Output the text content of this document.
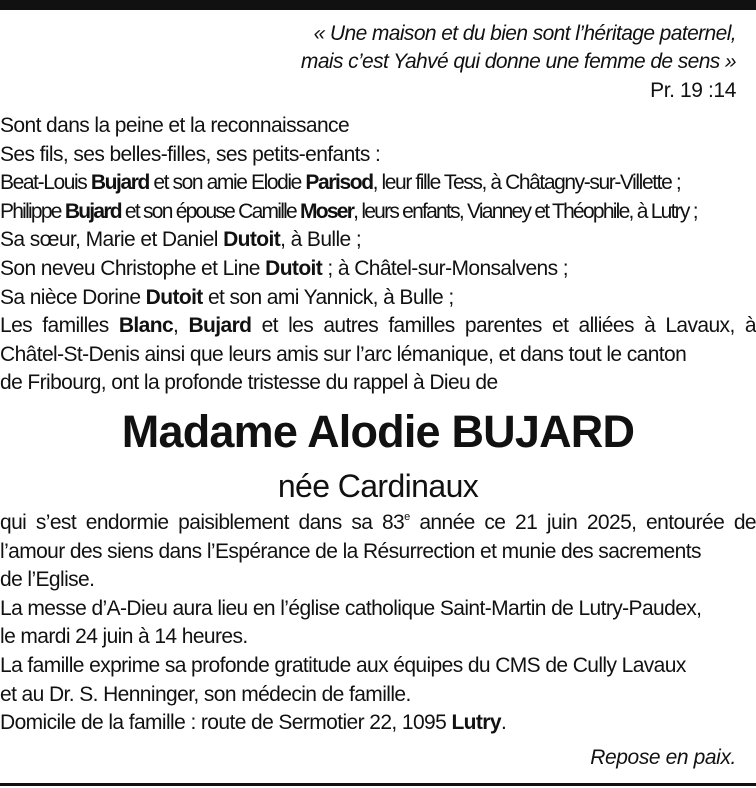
« Une maison et du bien sont l’héritage paternel,
mais c’est Yahvé qui donne une femme de sens »
Pr. 19 :14
Sont dans la peine et la reconnaissance
Ses fils, ses belles-filles, ses petits-enfants :
Beat-Louis Bujard et son amie Elodie Parisod, leur fille Tess, à Châtagny-sur-Villette ;
Philippe Bujard et son épouse Camille Moser, leurs enfants, Vianney et Théophile, à Lutry ;
Sa sœur, Marie et Daniel Dutoit, à Bulle ;
Son neveu Christophe et Line Dutoit ; à Châtel-sur-Monsalvens ;
Sa nièce Dorine Dutoit et son ami Yannick, à Bulle ;
Les familles Blanc, Bujard et les autres familles parentes et alliées à Lavaux, à
Châtel-St-Denis ainsi que leurs amis sur l’arc lémanique, et dans tout le canton
de Fribourg, ont la profonde tristesse du rappel à Dieu de
Madame Alodie BUJARD
née Cardinaux
qui s’est endormie paisiblement dans sa 83e année ce 21 juin 2025, entourée de
l’amour des siens dans l’Espérance de la Résurrection et munie des sacrements
de l’Eglise.
La messe d’A-Dieu aura lieu en l’église catholique Saint-Martin de Lutry-Paudex,
le mardi 24 juin à 14 heures.
La famille exprime sa profonde gratitude aux équipes du CMS de Cully Lavaux
et au Dr. S. Henninger, son médecin de famille.
Domicile de la famille : route de Sermotier 22, 1095 Lutry.
Repose en paix.
